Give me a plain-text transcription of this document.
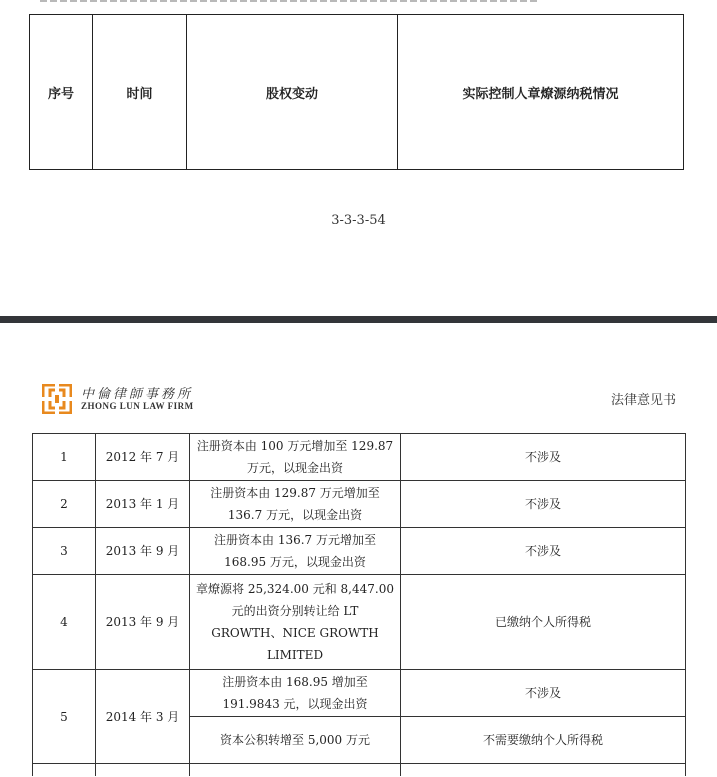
序号	时间	股权变动	实际控制人章燎源纳税情况
3-3-3-54
中倫律師事務所
ZHONG LUN LAW FIRM	法律意见书
1	2012 年 7 月	注册资本由 100 万元增加至 129.87 万元，以现金出资	不涉及
2	2013 年 1 月	注册资本由 129.87 万元增加至 136.7 万元，以现金出资	不涉及
3	2013 年 9 月	注册资本由 136.7 万元增加至 168.95 万元，以现金出资	不涉及
4	2013 年 9 月	章燎源将 25,324.00 元和 8,447.00 元的出资分别转让给 LT GROWTH、NICE GROWTH LIMITED	已缴纳个人所得税
5	2014 年 3 月	注册资本由 168.95 增加至 191.9843 元，以现金出资	不涉及
		资本公积转增至 5,000 万元	不需要缴纳个人所得税
